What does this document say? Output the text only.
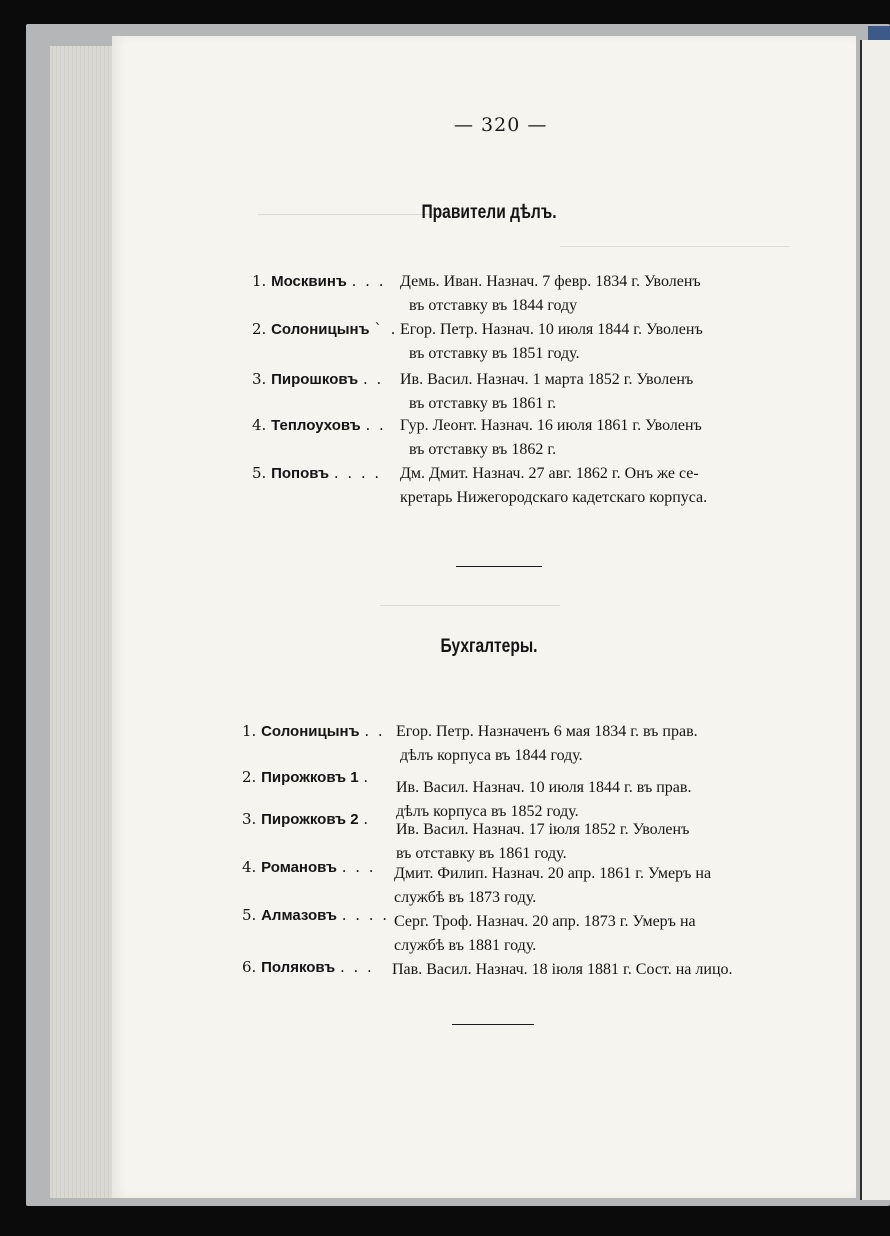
— 320 —
Правители дѣлъ.
1. Москвинъ . . . Демь. Иван. Назнач. 7 февр. 1834 г. Уволенъ
въ отставку въ 1844 году
2. Солоницынъ ` . Егор. Петр. Назнач. 10 июля 1844 г. Уволенъ
въ отставку въ 1851 году.
3. Пирошковъ . . Ив. Васил. Назнач. 1 марта 1852 г. Уволенъ
въ отставку въ 1861 г.
4. Теплоуховъ . . Гур. Леонт. Назнач. 16 июля 1861 г. Уволенъ
въ отставку въ 1862 г.
5. Поповъ . . . . Дм. Дмит. Назнач. 27 авг. 1862 г. Онъ же се-
кретарь Нижегородскаго кадетскаго корпуса.
Бухгалтеры.
1. Солоницынъ . . Егор. Петр. Назначенъ 6 мая 1834 г. въ прав.
дѣлъ корпуса въ 1844 году.
2. Пирожковъ 1 .
Ив. Васил. Назнач. 10 июля 1844 г. въ прав.
дѣлъ корпуса въ 1852 году.
3. Пирожковъ 2 .
Ив. Васил. Назнач. 17 іюля 1852 г. Уволенъ
въ отставку въ 1861 году.
4. Романовъ . . . Дмит. Филип. Назнач. 20 апр. 1861 г. Умеръ на
службѣ въ 1873 году.
5. Алмазовъ . . . . Серг. Троф. Назнач. 20 апр. 1873 г. Умеръ на
службѣ въ 1881 году.
6. Поляковъ . . . Пав. Васил. Назнач. 18 іюля 1881 г. Сост. на лицо.
